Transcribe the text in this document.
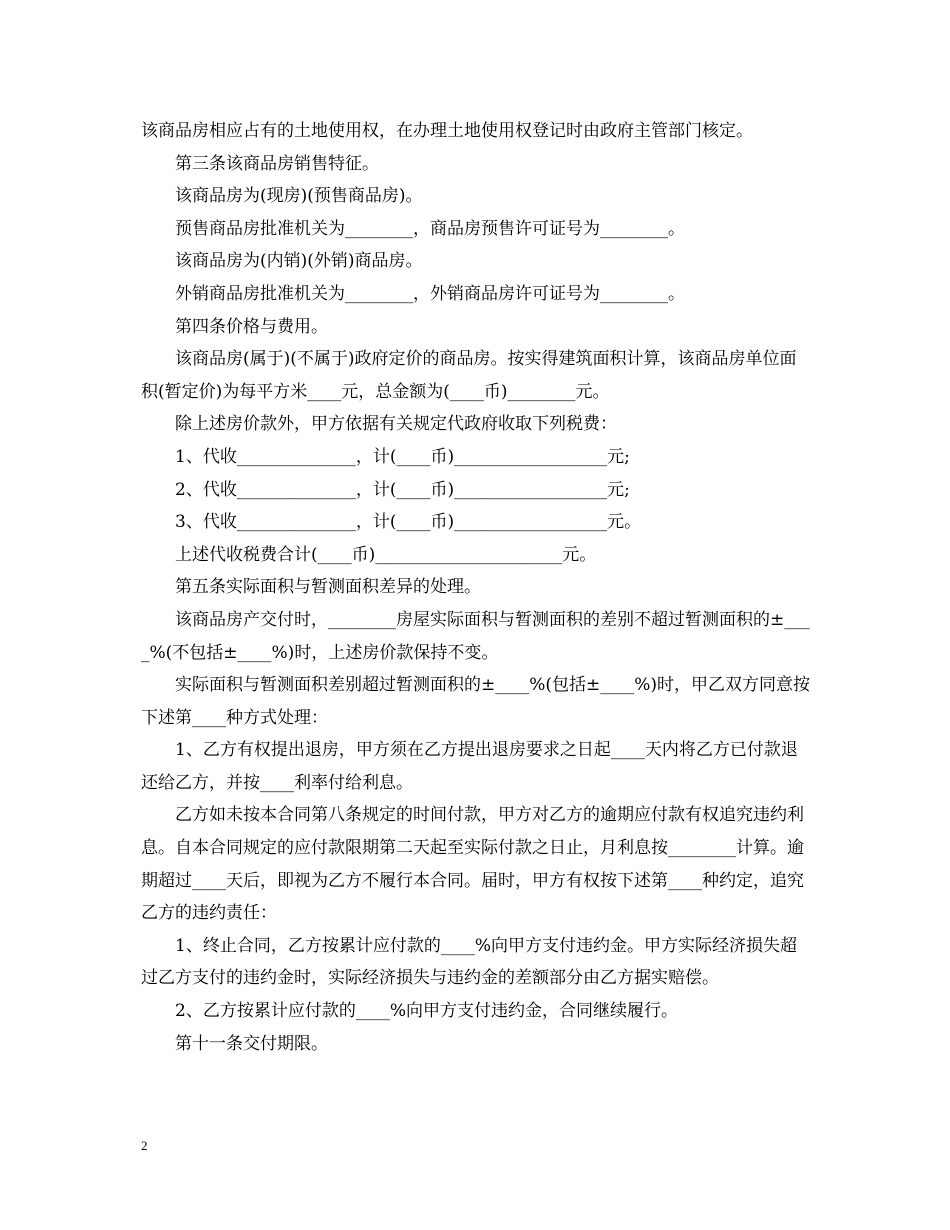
该商品房相应占有的土地使用权，在办理土地使用权登记时由政府主管部门核定。

第三条该商品房销售特征。

该商品房为(现房)(预售商品房)。

预售商品房批准机关为________，商品房预售许可证号为________。

该商品房为(内销)(外销)商品房。

外销商品房批准机关为________，外销商品房许可证号为________。

第四条价格与费用。

该商品房(属于)(不属于)政府定价的商品房。按实得建筑面积计算，该商品房单位面积(暂定价)为每平方米____元，总金额为(____币)________元。

除上述房价款外，甲方依据有关规定代政府收取下列税费：

1、代收______________，计(____币)__________________元;

2、代收______________，计(____币)__________________元;

3、代收______________，计(____币)__________________元。

上述代收税费合计(____币)______________________元。

第五条实际面积与暂测面积差异的处理。

该商品房产交付时，________房屋实际面积与暂测面积的差别不超过暂测面积的±____%(不包括±____%)时，上述房价款保持不变。

实际面积与暂测面积差别超过暂测面积的±____%(包括±____%)时，甲乙双方同意按下述第____种方式处理：

1、乙方有权提出退房，甲方须在乙方提出退房要求之日起____天内将乙方已付款退还给乙方，并按____利率付给利息。

乙方如未按本合同第八条规定的时间付款，甲方对乙方的逾期应付款有权追究违约利息。自本合同规定的应付款限期第二天起至实际付款之日止，月利息按________计算。逾期超过____天后，即视为乙方不履行本合同。届时，甲方有权按下述第____种约定，追究乙方的违约责任：

1、终止合同，乙方按累计应付款的____%向甲方支付违约金。甲方实际经济损失超过乙方支付的违约金时，实际经济损失与违约金的差额部分由乙方据实赔偿。

2、乙方按累计应付款的____%向甲方支付违约金，合同继续履行。

第十一条交付期限。

2
